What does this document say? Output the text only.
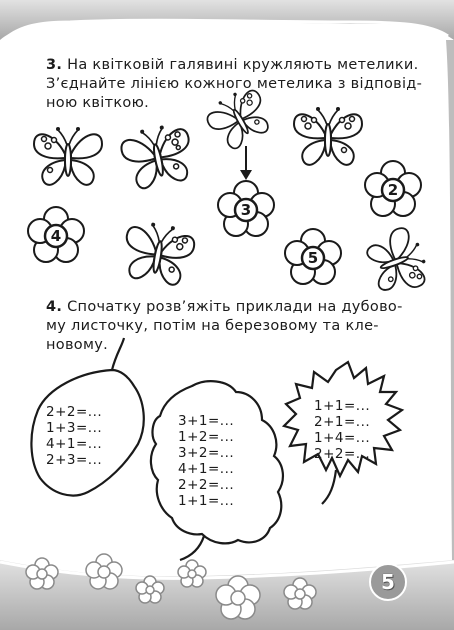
3. На квітковій галявині кружляють метелики.
З’єднайте лінією кожного метелика з відповід-
ною квіткою.
3
2
4
5
4. Спочатку розв’яжіть приклади на дубово-
му листочку, потім на березовому та кле-
новому.
2+2=...
1+3=...
4+1=...
2+3=...
3+1=...
1+2=...
3+2=...
4+1=...
2+2=...
1+1=...
1+1=...
2+1=...
1+4=...
2+2=...
5
